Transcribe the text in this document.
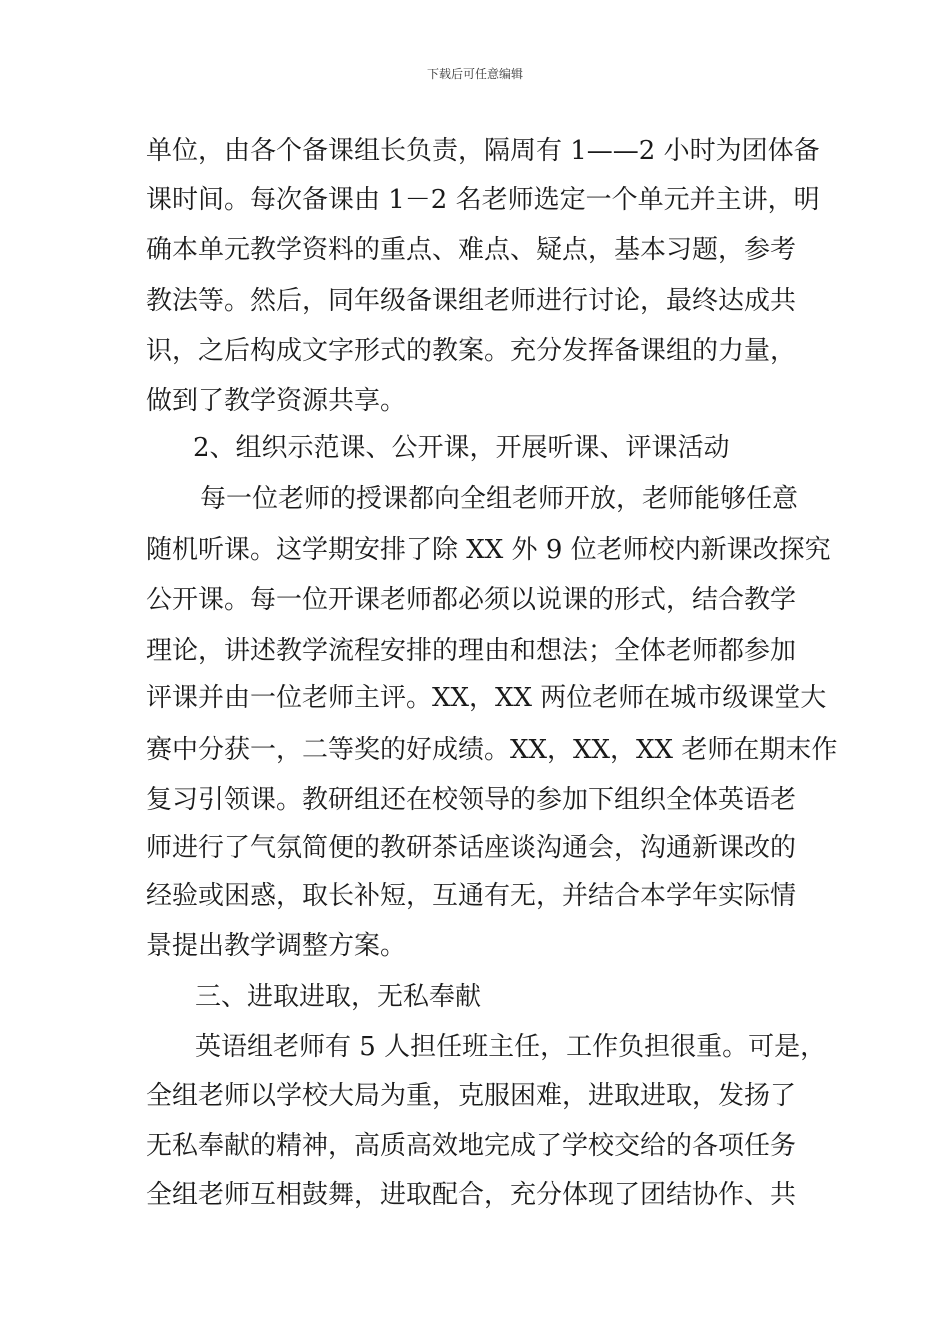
下载后可任意编辑
单位，由各个备课组长负责，隔周有 1——2 小时为团体备
课时间。每次备课由 1－2 名老师选定一个单元并主讲，明
确本单元教学资料的重点、难点、疑点，基本习题，参考
教法等。然后，同年级备课组老师进行讨论，最终达成共
识，之后构成文字形式的教案。充分发挥备课组的力量，
做到了教学资源共享。
2、组织示范课、公开课，开展听课、评课活动
每一位老师的授课都向全组老师开放，老师能够任意
随机听课。这学期安排了除 XX 外 9 位老师校内新课改探究
公开课。每一位开课老师都必须以说课的形式，结合教学
理论，讲述教学流程安排的理由和想法；全体老师都参加
评课并由一位老师主评。XX，XX 两位老师在城市级课堂大
赛中分获一，二等奖的好成绩。XX，XX，XX 老师在期末作
复习引领课。教研组还在校领导的参加下组织全体英语老
师进行了气氛简便的教研茶话座谈沟通会，沟通新课改的
经验或困惑，取长补短，互通有无，并结合本学年实际情
景提出教学调整方案。
三、进取进取，无私奉献
英语组老师有 5 人担任班主任，工作负担很重。可是，
全组老师以学校大局为重，克服困难，进取进取，发扬了
无私奉献的精神，高质高效地完成了学校交给的各项任务
全组老师互相鼓舞，进取配合，充分体现了团结协作、共
